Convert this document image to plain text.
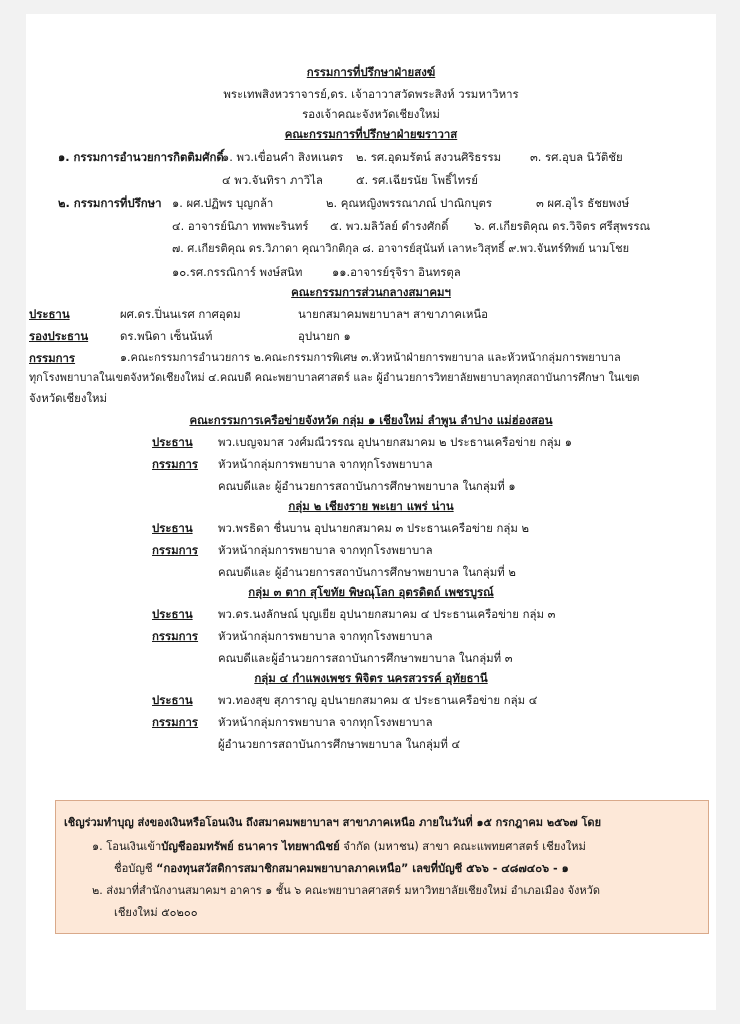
กรรมการที่ปรึกษาฝ่ายสงฆ์
พระเทพสิงหวราจารย์,ดร. เจ้าอาวาสวัดพระสิงห์ วรมหาวิหาร
รองเจ้าคณะจังหวัดเชียงใหม่
คณะกรรมการที่ปรึกษาฝ่ายฆราวาส
๑. กรรมการอำนวยการกิตติมศักดิ์
๑. พว.เขื่อนคำ สิงหเนตร ๒. รศ.อุดมรัตน์ สงวนศิริธรรม	๓. รศ.อุบล นิวัติชัย
๔ พว.จันทิรา ภาวิไล	๕. รศ.เฉียรนัย โพธิ์ไทรย์
๒. กรรมการที่ปรึกษา ๑. ผศ.ปฏิพร บุญกล้า	๒. คุณหญิงพรรณาภณ์ ปาณิกบุตร	๓ ผศ.อุไร ธัชยพงษ์
๔. อาจารย์นิภา ทพพะรินทร์ ๕. พว.มลิวัลย์ ดำรงศักดิ์ ๖. ศ.เกียรติคุณ ดร.วิจิตร ศรีสุพรรณ
๗. ศ.เกียรติคุณ ดร.วิภาดา คุณาวิกติกุล ๘. อาจารย์สุนันท์ เลาหะวิสุทธิ์ ๙.พว.จันทร์ทิพย์ นามโชย
๑๐.รศ.กรรณิการ์ พงษ์สนิท	๑๑.อาจารย์รุจิรา อินทรตุล
คณะกรรมการส่วนกลางสมาคมฯ
ประธาน	ผศ.ดร.ปิ่นนเรศ กาศอุดม	นายกสมาคมพยาบาลฯ สาขาภาคเหนือ
รองประธาน	ดร.พนิดา เซ็นนันท์	อุปนายก ๑
กรรมการ	๑.คณะกรรมการอำนวยการ ๒.คณะกรรมการพิเศษ ๓.หัวหน้าฝ่ายการพยาบาล และหัวหน้ากลุ่มการพยาบาล
ทุกโรงพยาบาลในเขตจังหวัดเชียงใหม่ ๔.คณบดี คณะพยาบาลศาสตร์ และ ผู้อำนวยการวิทยาลัยพยาบาลทุกสถาบันการศึกษา ในเขต
จังหวัดเชียงใหม่
คณะกรรมการเครือข่ายจังหวัด กลุ่ม ๑ เชียงใหม่ ลำพูน ลำปาง แม่ฮ่องสอน
ประธาน พว.เบญจมาส วงศ์มณีวรรณ อุปนายกสมาคม ๒ ประธานเครือข่าย กลุ่ม ๑
กรรมการ หัวหน้ากลุ่มการพยาบาล จากทุกโรงพยาบาล
คณบดีและ ผู้อำนวยการสถาบันการศึกษาพยาบาล ในกลุ่มที่ ๑
กลุ่ม ๒ เชียงราย พะเยา แพร่ น่าน
ประธาน พว.พรธิดา ชื่นบาน อุปนายกสมาคม ๓ ประธานเครือข่าย กลุ่ม ๒
กรรมการ หัวหน้ากลุ่มการพยาบาล จากทุกโรงพยาบาล
คณบดีและ ผู้อำนวยการสถาบันการศึกษาพยาบาล ในกลุ่มที่ ๒
กลุ่ม ๓ ตาก สุโขทัย พิษณุโลก อุตรดิตถ์ เพชรบูรณ์
ประธาน พว.ดร.นงลักษณ์ บุญเยีย อุปนายกสมาคม ๔ ประธานเครือข่าย กลุ่ม ๓
กรรมการ หัวหน้ากลุ่มการพยาบาล จากทุกโรงพยาบาล
คณบดีและผู้อำนวยการสถาบันการศึกษาพยาบาล ในกลุ่มที่ ๓
กลุ่ม ๔ กำแพงเพชร พิจิตร นครสวรรค์ อุทัยธานี
ประธาน พว.ทองสุข สุภาราญ อุปนายกสมาคม ๕ ประธานเครือข่าย กลุ่ม ๔
กรรมการ หัวหน้ากลุ่มการพยาบาล จากทุกโรงพยาบาล
ผู้อำนวยการสถาบันการศึกษาพยาบาล ในกลุ่มที่ ๔
เชิญร่วมทำบุญ ส่งของเงินหรือโอนเงิน ถึงสมาคมพยาบาลฯ สาขาภาคเหนือ ภายในวันที่ ๑๕ กรกฎาคม ๒๕๖๗ โดย
๑. โอนเงินเข้าบัญชีออมทรัพย์ ธนาคาร ไทยพาณิชย์ จำกัด (มหาชน) สาขา คณะแพทยศาสตร์ เชียงใหม่
ชื่อบัญชี “กองทุนสวัสดิการสมาชิกสมาคมพยาบาลภาคเหนือ” เลขที่บัญชี ๕๖๖ - ๔๘๗๔๐๖ - ๑
๒. ส่งมาที่สำนักงานสมาคมฯ อาคาร ๑ ชั้น ๖ คณะพยาบาลศาสตร์ มหาวิทยาลัยเชียงใหม่ อำเภอเมือง จังหวัด
เชียงใหม่ ๕๐๒๐๐
